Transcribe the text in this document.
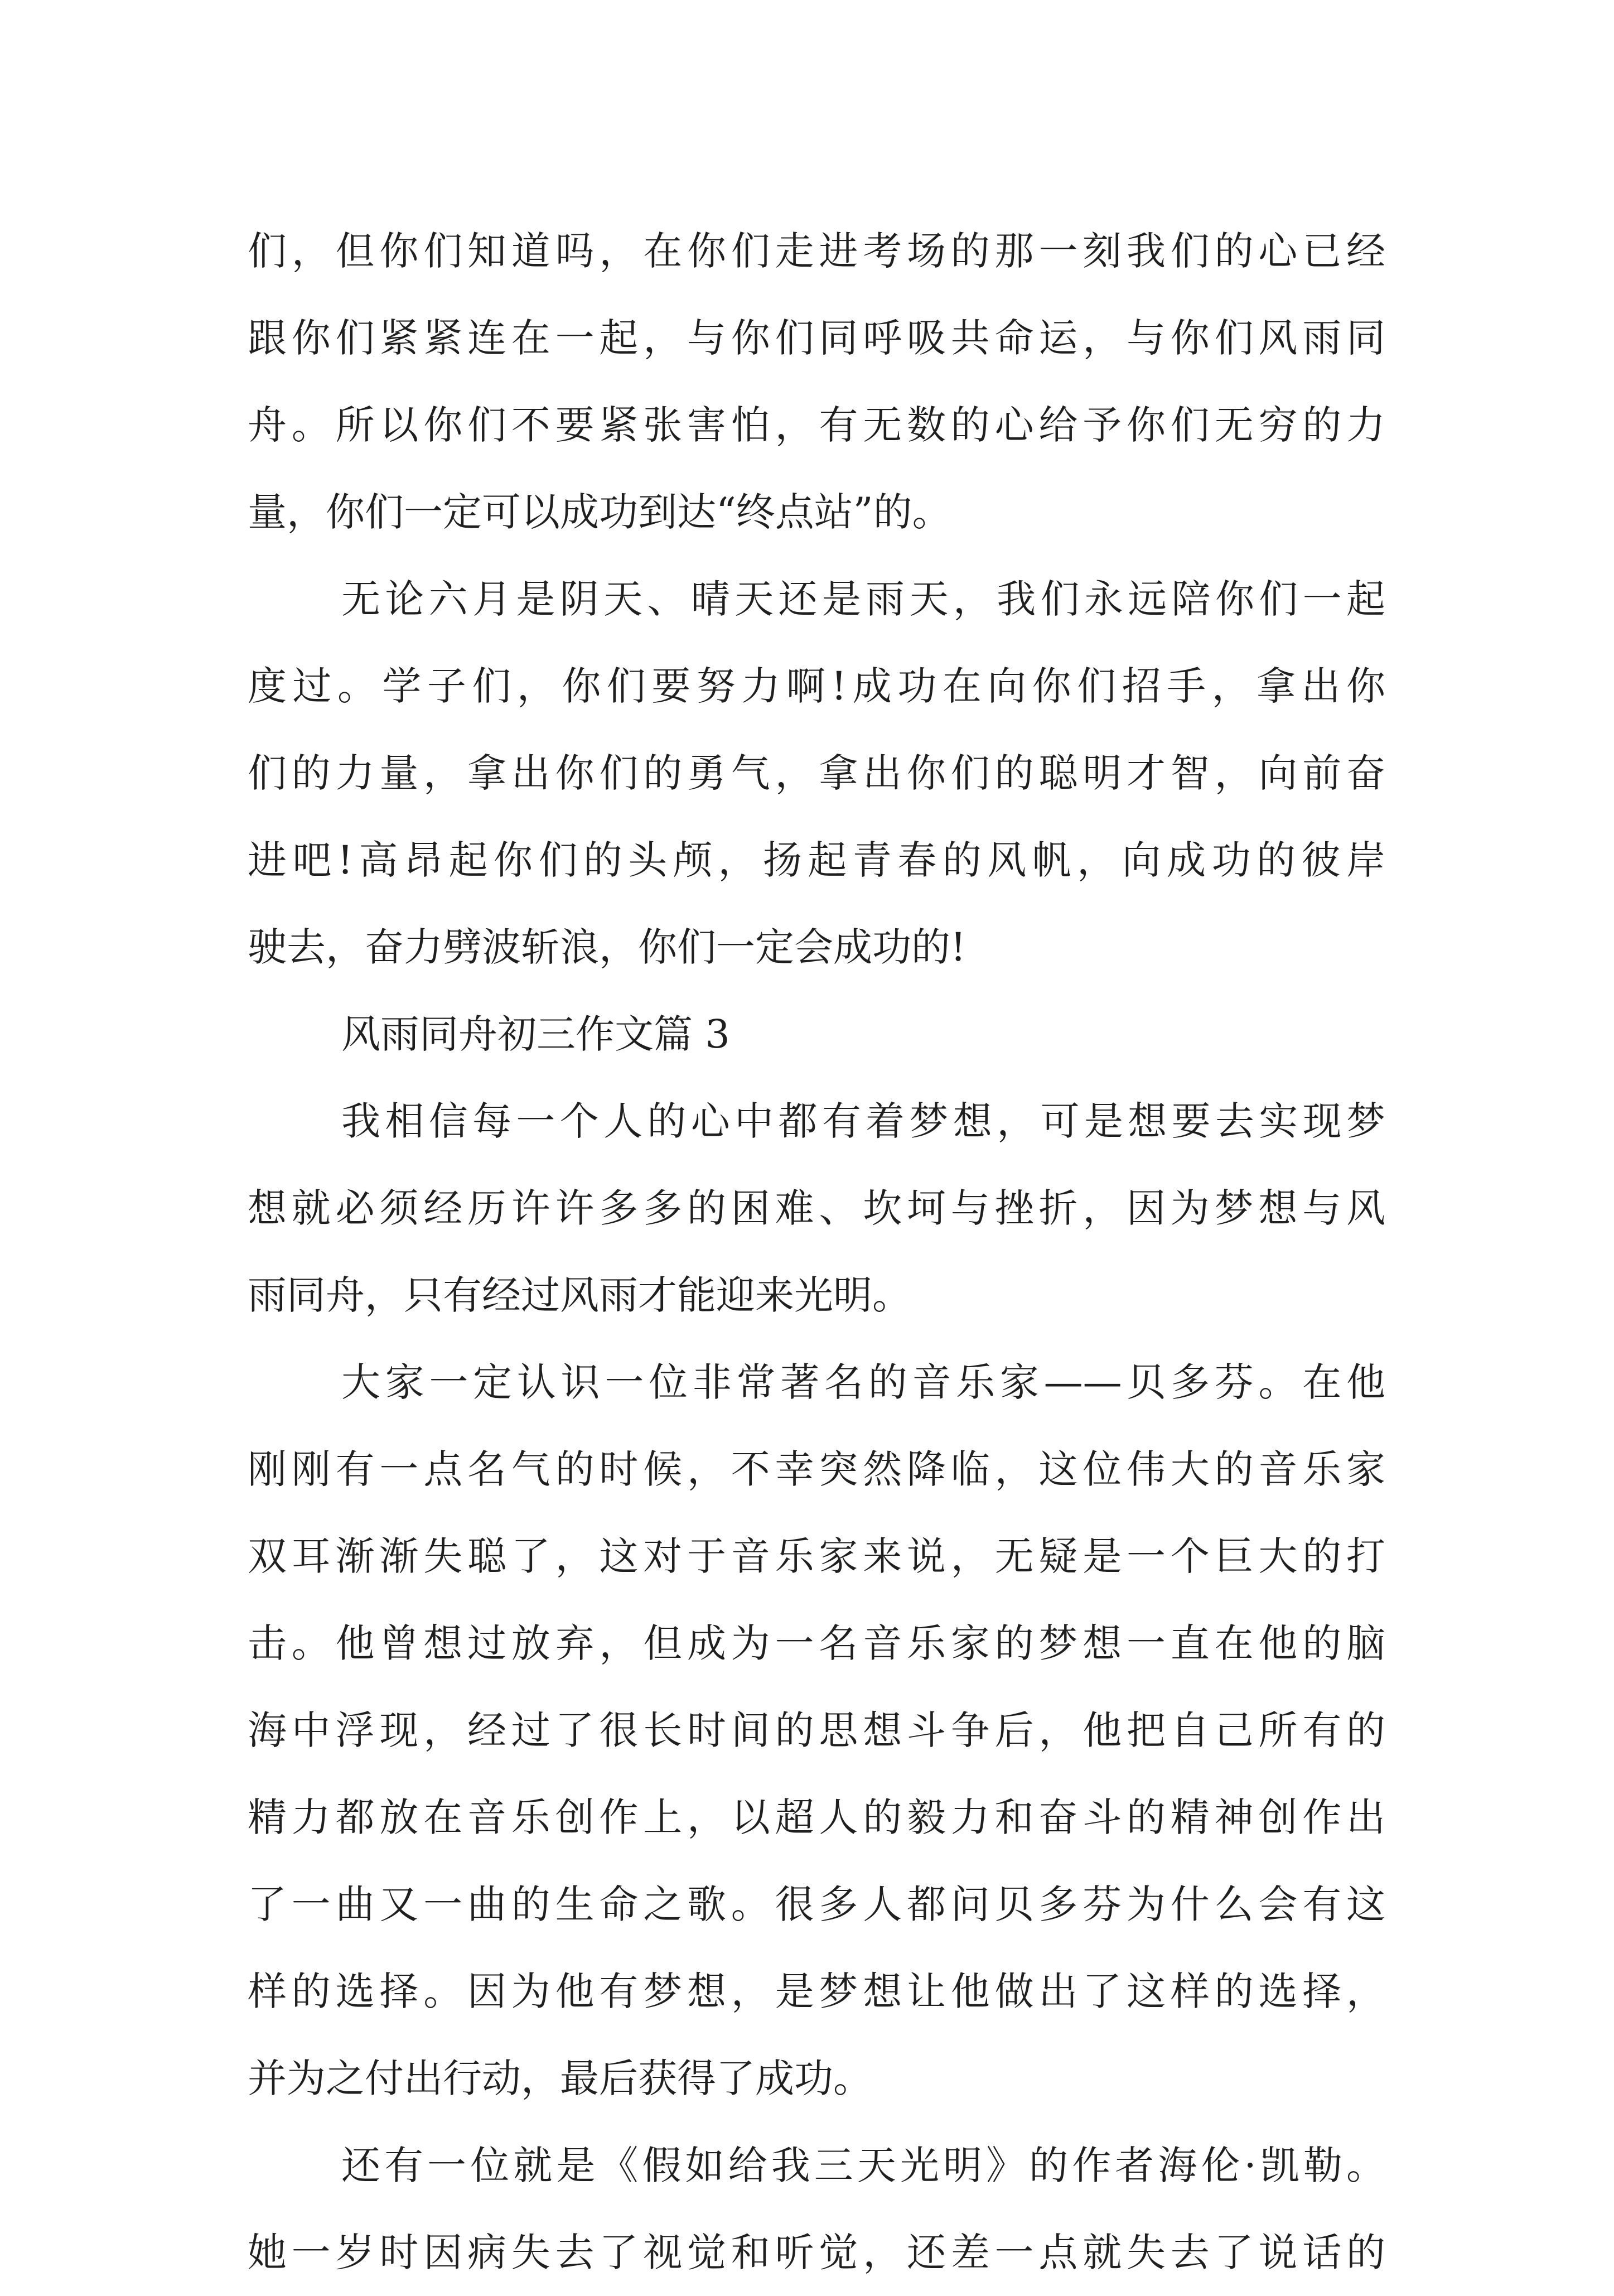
们，但你们知道吗，在你们走进考场的那一刻我们的心已经
跟你们紧紧连在一起，与你们同呼吸共命运，与你们风雨同
舟。所以你们不要紧张害怕，有无数的心给予你们无穷的力
量，你们一定可以成功到达“终点站”的。
无论六月是阴天、晴天还是雨天，我们永远陪你们一起
度过。学子们，你们要努力啊!成功在向你们招手，拿出你
们的力量，拿出你们的勇气，拿出你们的聪明才智，向前奋
进吧!高昂起你们的头颅，扬起青春的风帆，向成功的彼岸
驶去，奋力劈波斩浪，你们一定会成功的!
风雨同舟初三作文篇 3
我相信每一个人的心中都有着梦想，可是想要去实现梦
想就必须经历许许多多的困难、坎坷与挫折，因为梦想与风
雨同舟，只有经过风雨才能迎来光明。
大家一定认识一位非常著名的音乐家——贝多芬。在他
刚刚有一点名气的时候，不幸突然降临，这位伟大的音乐家
双耳渐渐失聪了，这对于音乐家来说，无疑是一个巨大的打
击。他曾想过放弃，但成为一名音乐家的梦想一直在他的脑
海中浮现，经过了很长时间的思想斗争后，他把自己所有的
精力都放在音乐创作上，以超人的毅力和奋斗的精神创作出
了一曲又一曲的生命之歌。很多人都问贝多芬为什么会有这
样的选择。因为他有梦想，是梦想让他做出了这样的选择，
并为之付出行动，最后获得了成功。
还有一位就是《假如给我三天光明》的作者海伦·凯勒。
她一岁时因病失去了视觉和听觉，还差一点就失去了说话的
